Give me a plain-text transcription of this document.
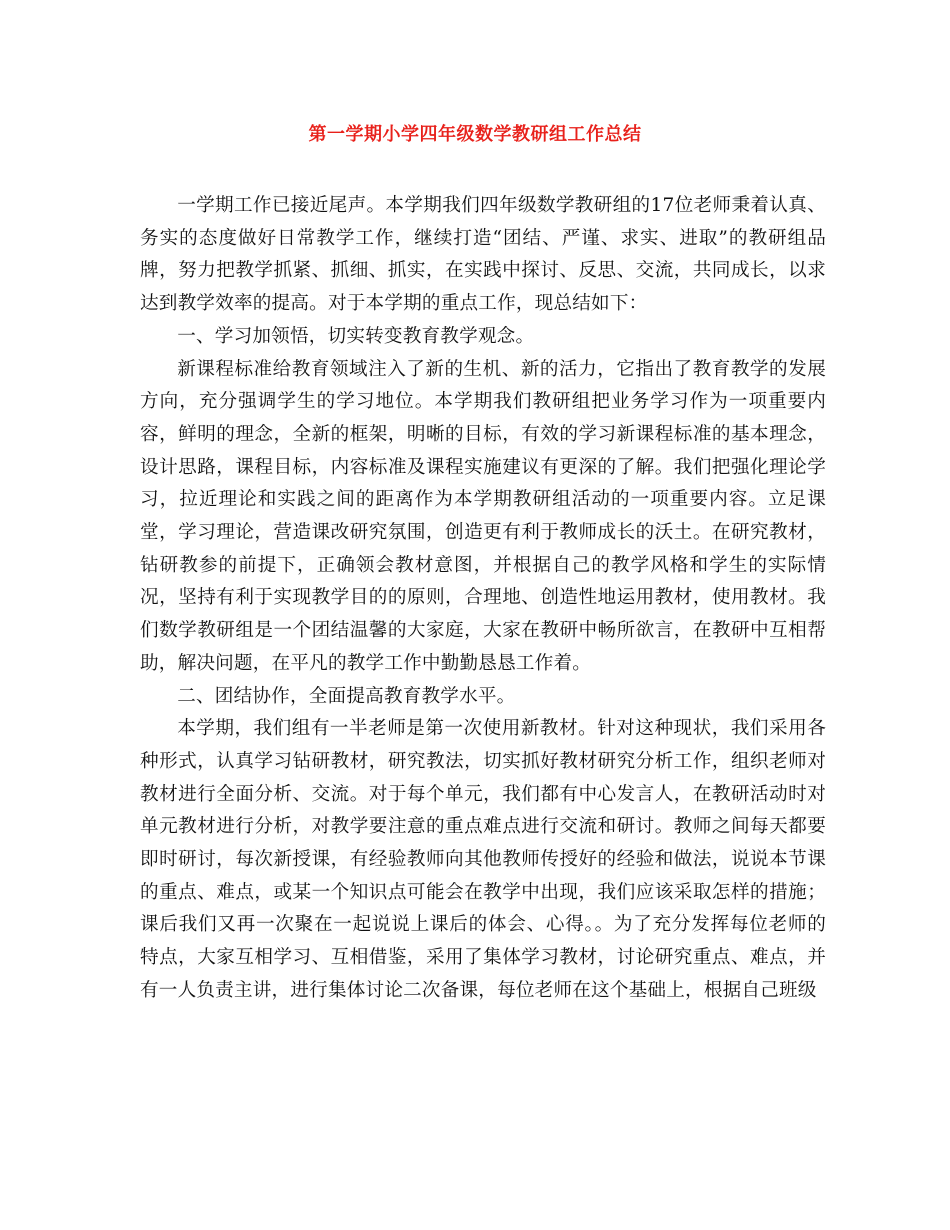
第一学期小学四年级数学教研组工作总结

一学期工作已接近尾声。本学期我们四年级数学教研组的17位老师秉着认真、务实的态度做好日常教学工作，继续打造“团结、严谨、求实、进取”的教研组品牌，努力把教学抓紧、抓细、抓实，在实践中探讨、反思、交流，共同成长，以求达到教学效率的提高。对于本学期的重点工作，现总结如下：

一、学习加领悟，切实转变教育教学观念。

新课程标准给教育领域注入了新的生机、新的活力，它指出了教育教学的发展方向，充分强调学生的学习地位。本学期我们教研组把业务学习作为一项重要内容，鲜明的理念，全新的框架，明晰的目标，有效的学习新课程标准的基本理念，设计思路，课程目标，内容标准及课程实施建议有更深的了解。我们把强化理论学习，拉近理论和实践之间的距离作为本学期教研组活动的一项重要内容。立足课堂，学习理论，营造课改研究氛围，创造更有利于教师成长的沃土。在研究教材，钻研教参的前提下，正确领会教材意图，并根据自己的教学风格和学生的实际情况，坚持有利于实现教学目的的原则，合理地、创造性地运用教材，使用教材。我们数学教研组是一个团结温馨的大家庭，大家在教研中畅所欲言，在教研中互相帮助，解决问题，在平凡的教学工作中勤勤恳恳工作着。

二、团结协作，全面提高教育教学水平。

本学期，我们组有一半老师是第一次使用新教材。针对这种现状，我们采用各种形式，认真学习钻研教材，研究教法，切实抓好教材研究分析工作，组织老师对教材进行全面分析、交流。对于每个单元，我们都有中心发言人，在教研活动时对单元教材进行分析，对教学要注意的重点难点进行交流和研讨。教师之间每天都要即时研讨，每次新授课，有经验教师向其他教师传授好的经验和做法，说说本节课的重点、难点，或某一个知识点可能会在教学中出现，我们应该采取怎样的措施；课后我们又再一次聚在一起说说上课后的体会、心得。。为了充分发挥每位老师的特点，大家互相学习、互相借鉴，采用了集体学习教材，讨论研究重点、难点，并有一人负责主讲，进行集体讨论二次备课，每位老师在这个基础上，根据自己班级
